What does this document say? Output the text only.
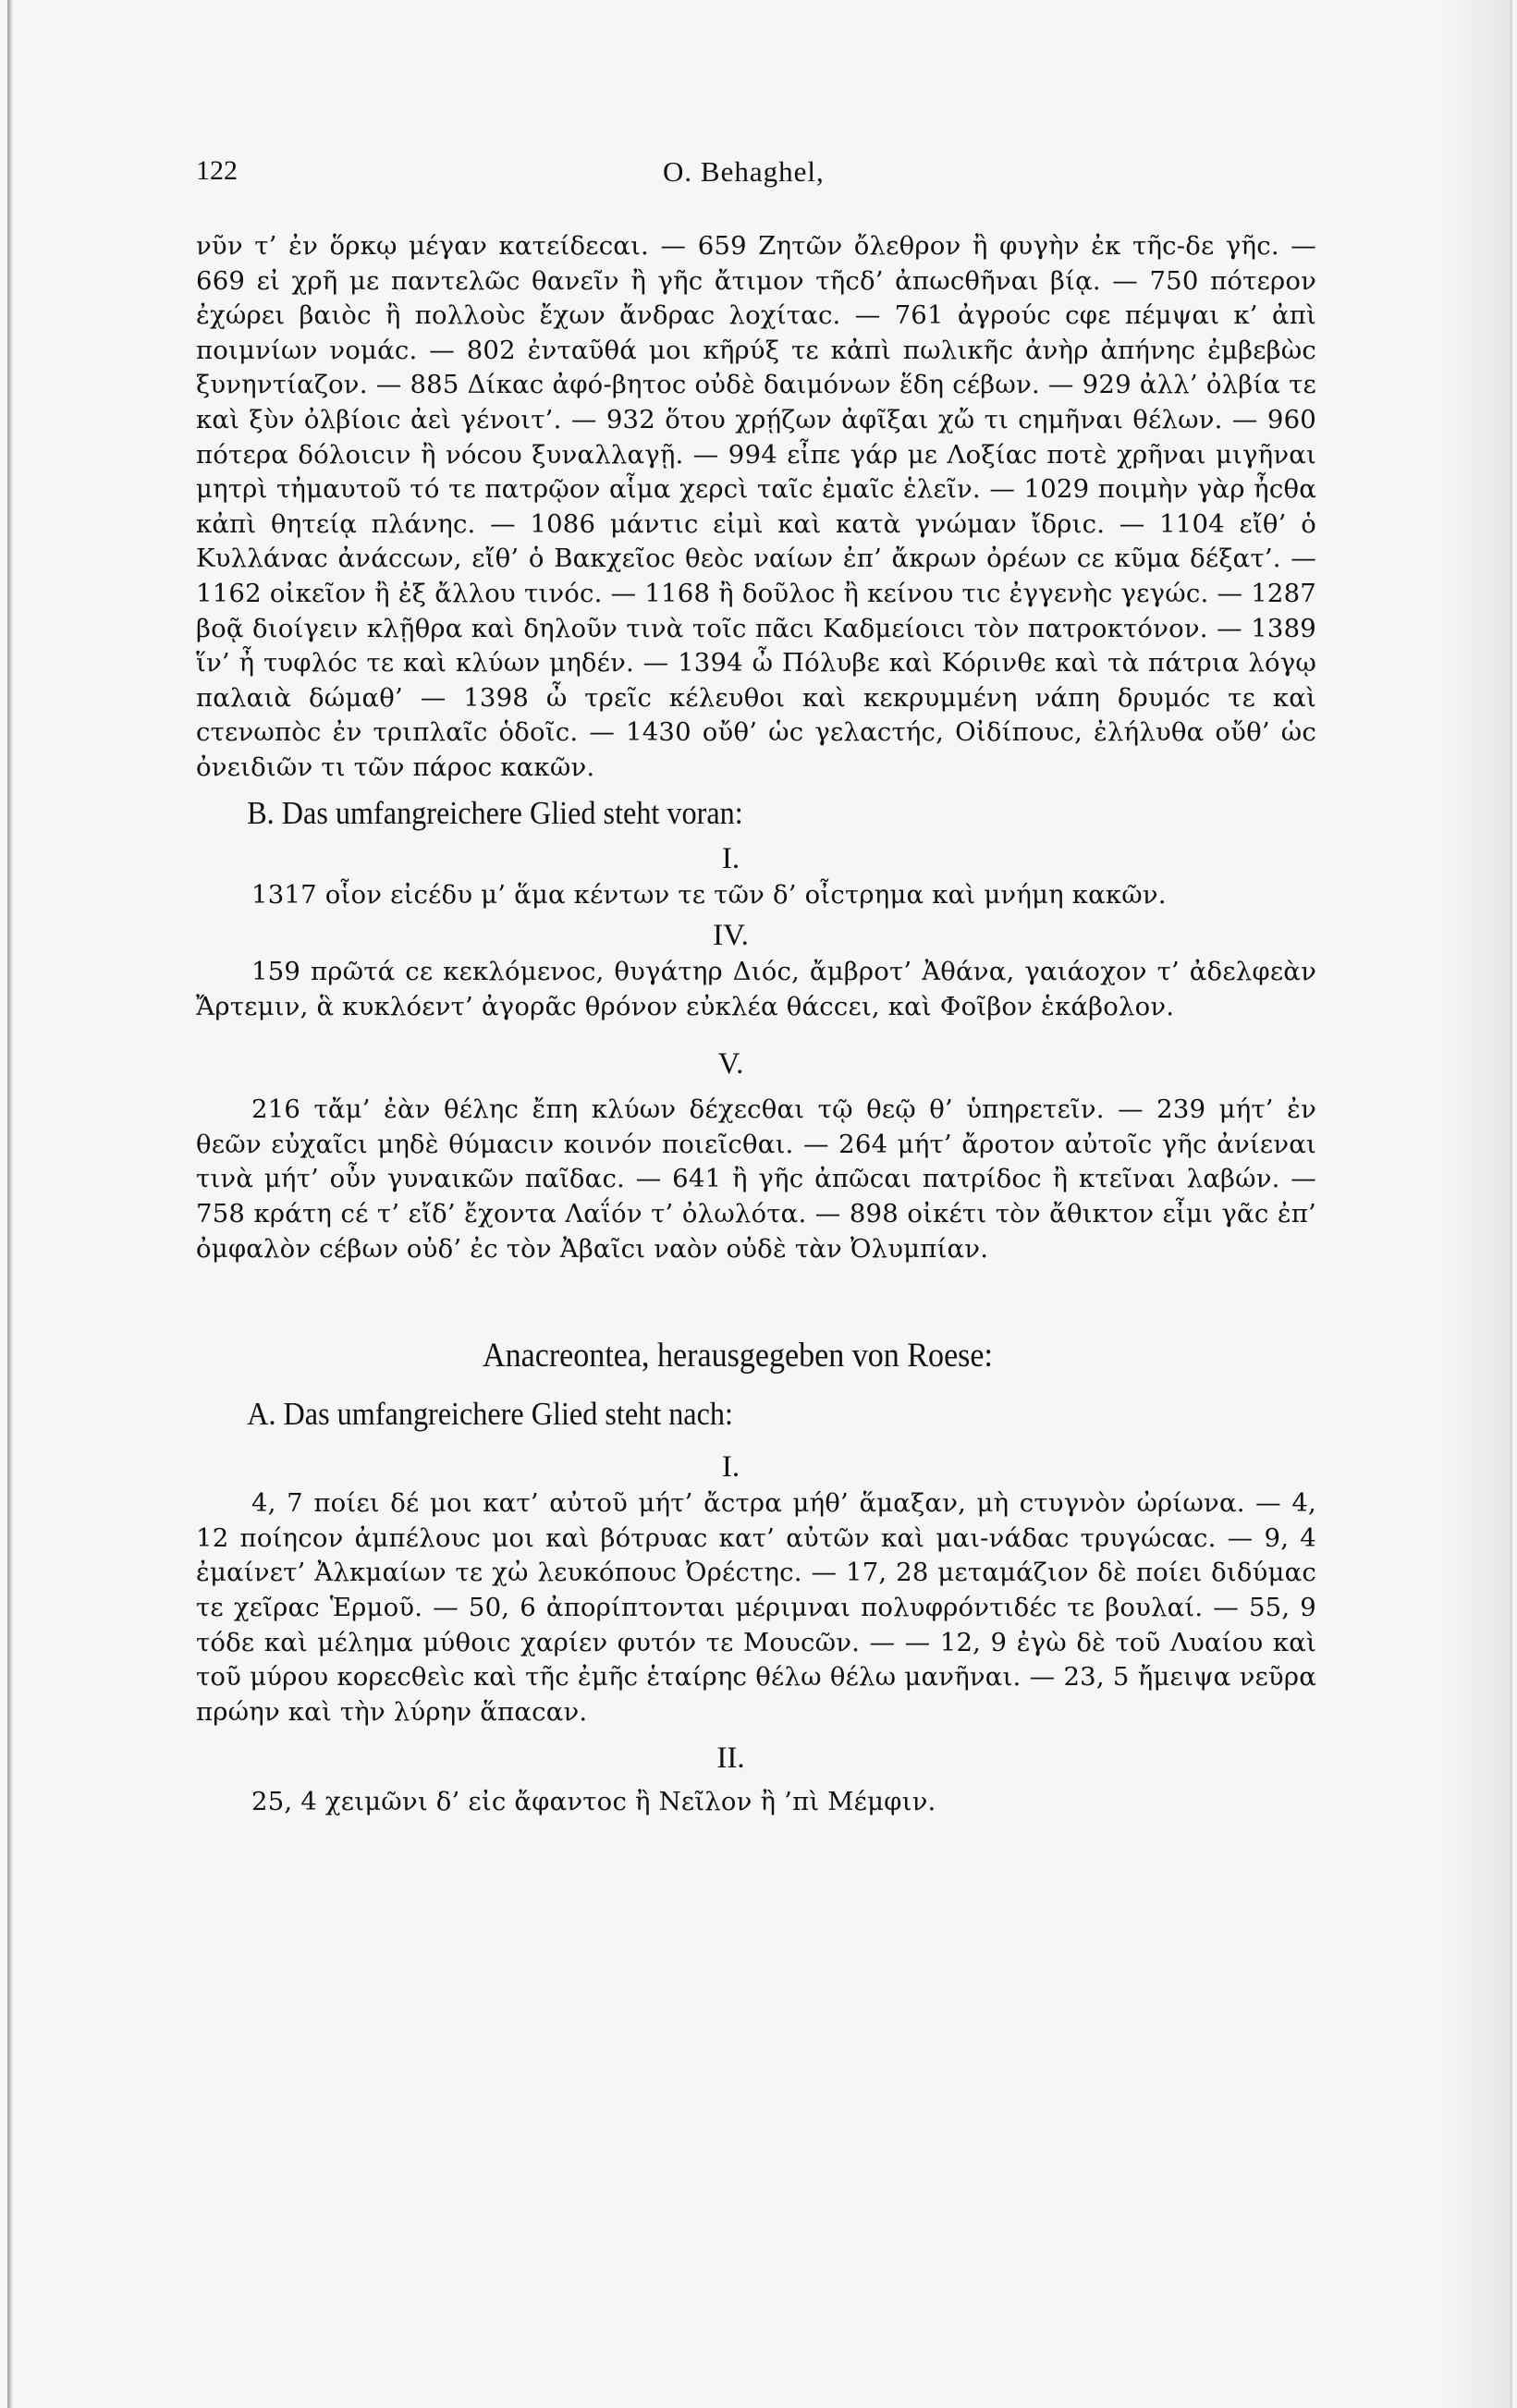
122	O. Behaghel,

νῦν τ’ ἐν ὅρκῳ μέγαν κατείδεcαι. — 659 Ζητῶν ὄλεθρον ἢ φυγὴν ἐκ τῆc-δε γῆc. — 669 εἰ χρῆ με παντελῶc θανεῖν ἢ γῆc ἄτιμον τῆcδ’ ἀπωcθῆναι βίᾳ. — 750 πότερον ἐχώρει βαιὸc ἢ πολλοὺc ἔχων ἄνδραc λοχίταc. — 761 ἀγρούc cφε πέμψαι κ’ ἀπὶ ποιμνίων νομάc. — 802 ἐνταῦθά μοι κῆρύξ τε κἀπὶ πωλικῆc ἀνὴρ ἀπήνηc ἐμβεβὼc ξυνηντίαζον. — 885 Δίκαc ἀφό-βητοc οὐδὲ δαιμόνων ἕδη cέβων. — 929 ἀλλ’ ὀλβία τε καὶ ξὺν ὀλβίοιc ἀεὶ γένοιτ’. — 932 ὅτου χρῄζων ἀφῖξαι χὤ τι cημῆναι θέλων. — 960 πότερα δόλοιcιν ἢ νόcου ξυναλλαγῇ. — 994 εἶπε γάρ με Λοξίαc ποτὲ χρῆναι μιγῆναι μητρὶ τἠμαυτοῦ τό τε πατρῷον αἷμα χερcὶ ταῖc ἐμαῖc ἑλεῖν. — 1029 ποιμὴν γὰρ ἦcθα κἀπὶ θητείᾳ πλάνηc. — 1086 μάντιc εἰμὶ καὶ κατὰ γνώμαν ἴδριc. — 1104 εἴθ’ ὁ Κυλλάναc ἀνάccων, εἴθ’ ὁ Βακχεῖοc θεὸc ναίων ἐπ’ ἄκρων ὀρέων cε κῦμα δέξατ’. — 1162 οἰκεῖον ἢ ἐξ ἄλλου τινόc. — 1168 ἢ δοῦλοc ἢ κείνου τιc ἐγγενὴc γεγώc. — 1287 βοᾷ διοίγειν κλῇθρα καὶ δηλοῦν τινὰ τοῖc πᾶcι Καδμείοιcι τὸν πατροκτόνον. — 1389 ἵν’ ἦ τυφλόc τε καὶ κλύων μηδέν. — 1394 ὦ Πόλυβε καὶ Κόρινθε καὶ τὰ πάτρια λόγῳ παλαιὰ δώμαθ’ — 1398 ὦ τρεῖc κέλευθοι καὶ κεκρυμμένη νάπη δρυμόc τε καὶ cτενωπὸc ἐν τριπλαῖc ὁδοῖc. — 1430 οὔθ’ ὡc γελαcτήc, Οἰδίπουc, ἐλήλυθα οὔθ’ ὡc ὀνειδιῶν τι τῶν πάροc κακῶν.

B. Das umfangreichere Glied steht voran:
I.

1317 οἷον εἰcέδυ μ’ ἅμα κέντων τε τῶν δ’ οἶcτρημα καὶ μνήμη κακῶν.

IV.

159 πρῶτά cε κεκλόμενοc, θυγάτηρ Διόc, ἄμβροτ’ Ἀθάνα, γαιάοχον τ’ ἀδελφεὰν Ἄρτεμιν, ἃ κυκλόεντ’ ἀγορᾶc θρόνον εὐκλέα θάccει, καὶ Φοῖβον ἑκάβολον.

V.

216 τἄμ’ ἐὰν θέληc ἔπη κλύων δέχεcθαι τῷ θεῷ θ’ ὑπηρετεῖν. — 239 μήτ’ ἐν θεῶν εὐχαῖcι μηδὲ θύμαcιν κοινόν ποιεῖcθαι. — 264 μήτ’ ἄροτον αὐτοῖc γῆc ἀνίεναι τινὰ μήτ’ οὖν γυναικῶν παῖδαc. — 641 ἢ γῆc ἀπῶcαι πατρίδοc ἢ κτεῖναι λαβών. — 758 κράτη cέ τ’ εἴδ’ ἔχοντα Λαΐόν τ’ ὀλωλότα. — 898 οἰκέτι τὸν ἄθικτον εἶμι γᾶc ἐπ’ ὀμφαλὸν cέβων οὐδ’ ἐc τὸν Ἀβαῖcι ναὸν οὐδὲ τὰν Ὀλυμπίαν.

Anacreontea, herausgegeben von Roese:
A. Das umfangreichere Glied steht nach:
I.

4, 7 ποίει δέ μοι κατ’ αὐτοῦ μήτ’ ἄcτρα μήθ’ ἅμαξαν, μὴ cτυγνὸν ὠρίωνα. — 4, 12 ποίηcον ἀμπέλουc μοι καὶ βότρυαc κατ’ αὐτῶν καὶ μαι-νάδαc τρυγώcαc. — 9, 4 ἐμαίνετ’ Ἀλκμαίων τε χὠ λευκόπουc Ὀρέcτηc. — 17, 28 μεταμάζιον δὲ ποίει διδύμαc τε χεῖραc Ἑρμοῦ. — 50, 6 ἀπορίπτονται μέριμναι πολυφρόντιδέc τε βουλαί. — 55, 9 τόδε καὶ μέλημα μύθοιc χαρίεν φυτόν τε Μουcῶν. — — 12, 9 ἐγὼ δὲ τοῦ Λυαίου καὶ τοῦ μύρου κορεcθεὶc καὶ τῆc ἐμῆc ἑταίρηc θέλω θέλω μανῆναι. — 23, 5 ἤμειψα νεῦρα πρώην καὶ τὴν λύρην ἅπαcαν.

II.

25, 4 χειμῶνι δ’ εἰc ἄφαντοc ἢ Νεῖλον ἢ ’πὶ Μέμφιν.
